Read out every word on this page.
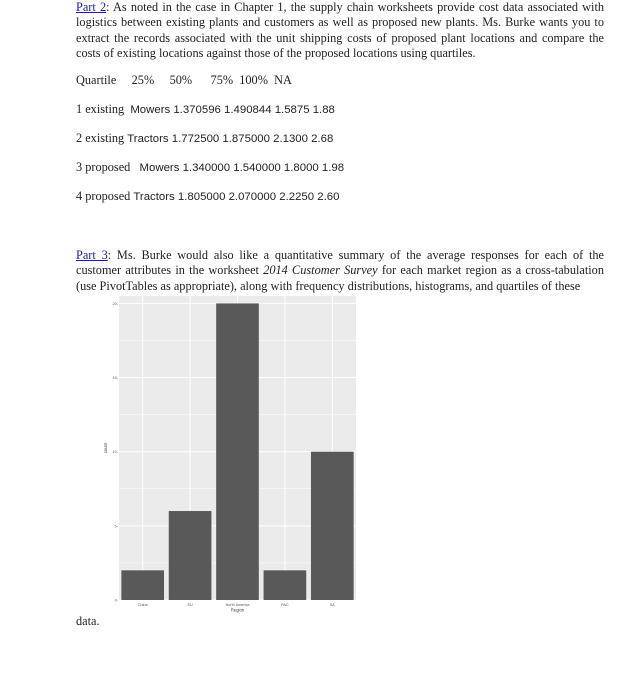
Part 2: As noted in the case in Chapter 1, the supply chain worksheets provide cost data associated with logistics between existing plants and customers as well as proposed new plants. Ms. Burke wants you to extract the records associated with the unit shipping costs of proposed plant locations and compare the costs of existing locations against those of the proposed locations using quartiles.

Quartile     25%     50%      75%  100%  NA
1 existing  Mowers 1.370596 1.490844 1.5875 1.88
2 existing Tractors 1.772500 1.875000 2.1300 2.68
3 proposed   Mowers 1.340000 1.540000 1.8000 1.98
4 proposed Tractors 1.805000 2.070000 2.2250 2.60

Part 3: Ms. Burke would also like a quantitative summary of the average responses for each of the customer attributes in the worksheet 2014 Customer Survey for each market region as a cross-tabulation (use PivotTables as appropriate), along with frequency distributions, histograms, and quartiles of these

0-
5-
10-
15-
20-
China	EU	North America	PAC	SA
Region
count
data.
